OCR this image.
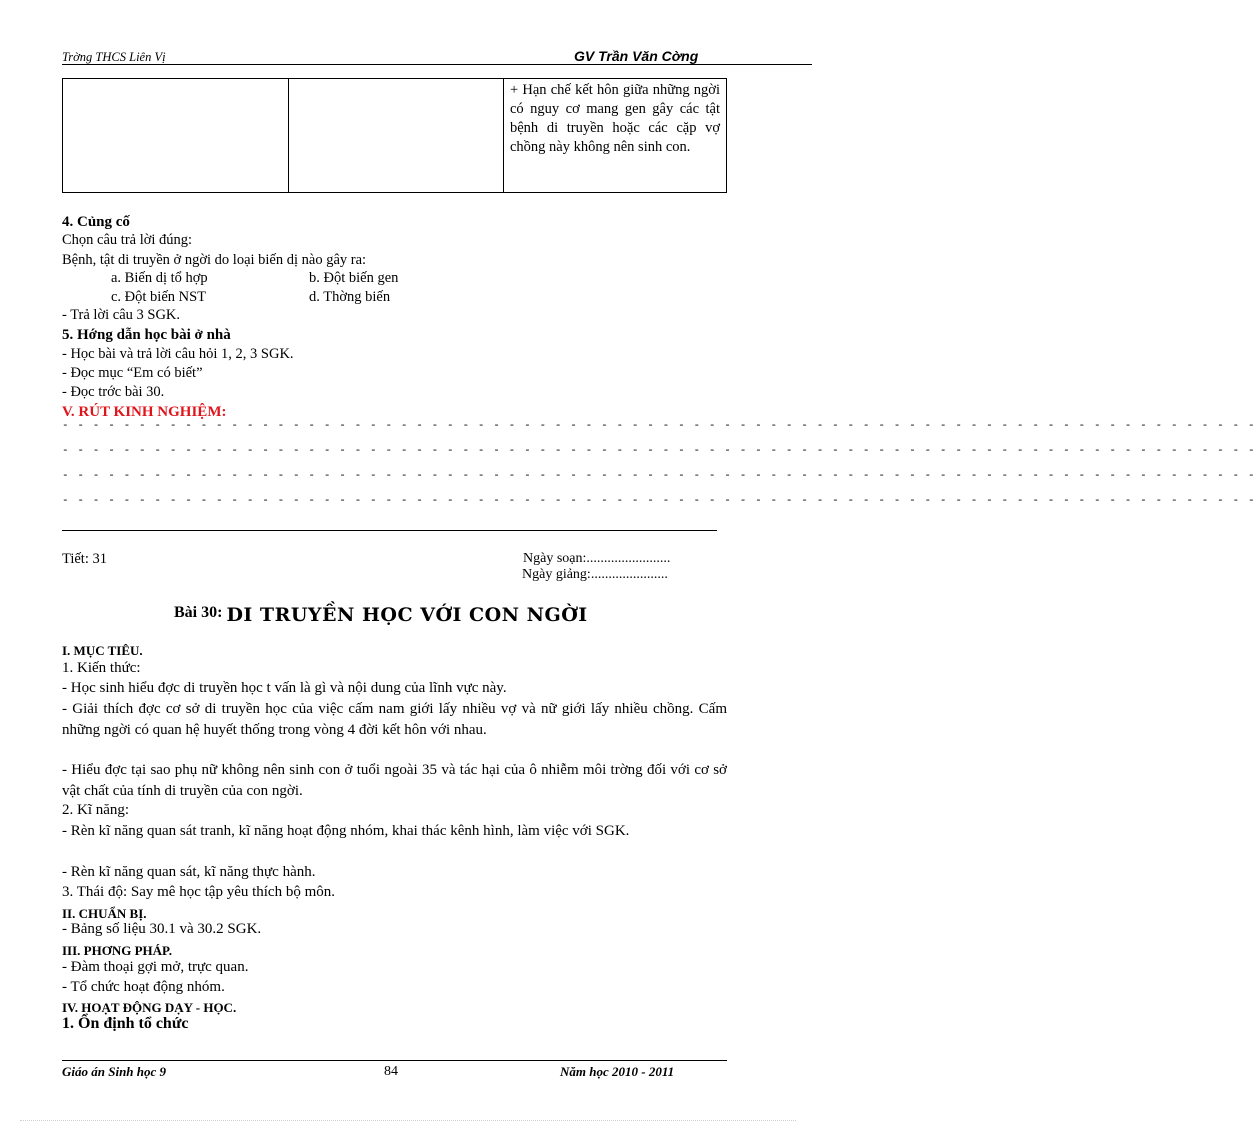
Trờng THCS Liên Vị	GV Trần Văn Cờng

+ Hạn chế kết hôn giữa những ngời có nguy cơ mang gen gây các tật bệnh di truyền hoặc các cặp vợ chồng này không nên sinh con.
4. Củng cố
Chọn câu trả lời đúng:
Bệnh, tật di truyền ở ngời do loại biến dị nào gây ra:
a. Biến dị tổ hợp	b. Đột biến gen
c. Đột biến NST	d. Thờng biến
- Trả lời câu 3 SGK.
5. Hớng dẫn học bài ở nhà
- Học bài và trả lời câu hỏi 1, 2, 3 SGK.
- Đọc mục “Em có biết”
- Đọc trớc bài 30.
V. RÚT KINH NGHIỆM:
- - - - - - - - - - - - - - - - - - - - - - - - - - - - - - - - - - - - - - - - - - - - - - - - - - - - - - - - - - - - - - - - - - - - - - - - - - - - - -
- - - - - - - - - - - - - - - - - - - - - - - - - - - - - - - - - - - - - - - - - - - - - - - - - - - - - - - - - - - - - - - - - - - - - - - - - - - - - -
- - - - - - - - - - - - - - - - - - - - - - - - - - - - - - - - - - - - - - - - - - - - - - - - - - - - - - - - - - - - - - - - - - - - - - - - - - - - - -
- - - - - - - - - - - - - - - - - - - - - - - - - - - - - - - - - - - - - - - - - - - - - - - - - - - - - - - - - - - - - - - - - - - - - - - - - - - - - -
Tiết: 31	Ngày soạn:........................
Ngày giảng:......................
Bài 30: DI TRUYỀN HỌC VỚI CON NGỜI
I. MỤC TIÊU.
1. Kiến thức:
- Học sinh hiểu đợc di truyền học t vấn là gì và nội dung của lĩnh vực này.
- Giải thích đợc cơ sở di truyền học của việc cấm nam giới lấy nhiều vợ và nữ giới lấy nhiều chồng. Cấm những ngời có quan hệ huyết thống trong vòng 4 đời kết hôn với nhau.
- Hiểu đợc tại sao phụ nữ không nên sinh con ở tuổi ngoài 35 và tác hại của ô nhiễm môi trờng đối với cơ sở vật chất của tính di truyền của con ngời.
2. Kĩ năng:
- Rèn kĩ năng quan sát tranh, kĩ năng hoạt động nhóm, khai thác kênh hình, làm việc với SGK.
- Rèn kĩ năng quan sát, kĩ năng thực hành.
3. Thái độ: Say mê học tập yêu thích bộ môn.
II. CHUẨN BỊ.
- Bảng số liệu 30.1 và 30.2 SGK.
III. PHƠNG PHÁP.
- Đàm thoại gợi mở, trực quan.
- Tổ chức hoạt động nhóm.
IV. HOẠT ĐỘNG DẠY - HỌC.
1. Ổn định tổ chức
Giáo án Sinh học 9	84	Năm học 2010 - 2011
